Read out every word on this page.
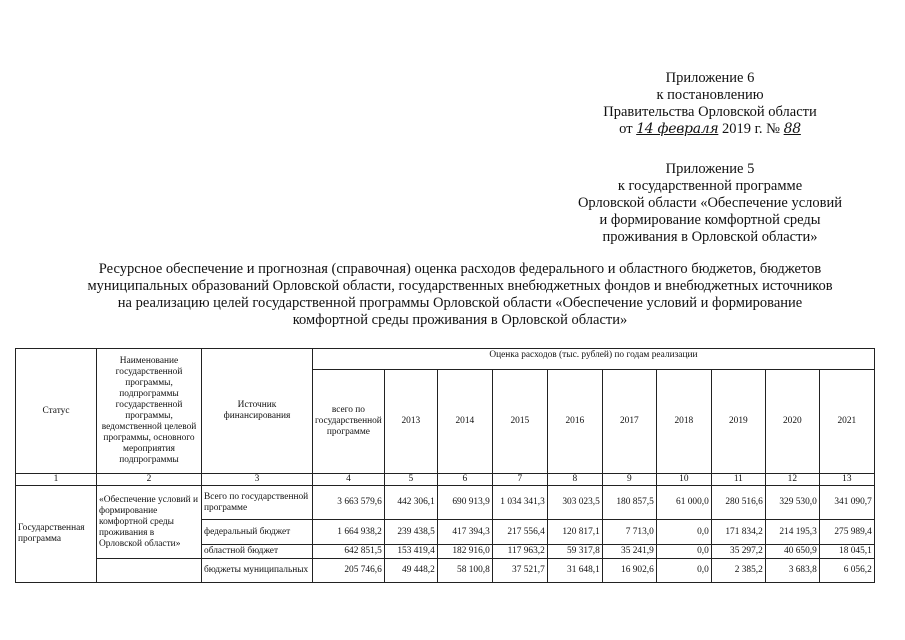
Приложение 6
к постановлению
Правительства Орловской области
от 14 февраля 2019 г. № 88
Приложение 5
к государственной программе
Орловской области «Обеспечение условий
и формирование комфортной среды
проживания в Орловской области»
Ресурсное обеспечение и прогнозная (справочная) оценка расходов федерального и областного бюджетов, бюджетов
муниципальных образований Орловской области, государственных внебюджетных фондов и внебюджетных источников
на реализацию целей государственной программы Орловской области «Обеспечение условий и формирование
комфортной среды проживания в Орловской области»
Статус	Наименование государственной программы, подпрограммы государственной программы, ведомственной целевой программы, основного мероприятия подпрограммы	Источник финансирования	Оценка расходов (тыс. рублей) по годам реализации									
			всего по государственной программе	2013	2014	2015	2016	2017	2018	2019	2020	2021
1	2	3	4	5	6	7	8	9	10	11	12	13
Государственная программа	«Обеспечение условий и формирование комфортной среды проживания в Орловской области»	Всего по государственной программе	3 663 579,6	442 306,1	690 913,9	1 034 341,3	303 023,5	180 857,5	61 000,0	280 516,6	329 530,0	341 090,7
		федеральный бюджет	1 664 938,2	239 438,5	417 394,3	217 556,4	120 817,1	7 713,0	0,0	171 834,2	214 195,3	275 989,4
		областной бюджет	642 851,5	153 419,4	182 916,0	117 963,2	59 317,8	35 241,9	0,0	35 297,2	40 650,9	18 045,1
		бюджеты муниципальных	205 746,6	49 448,2	58 100,8	37 521,7	31 648,1	16 902,6	0,0	2 385,2	3 683,8	6 056,2
